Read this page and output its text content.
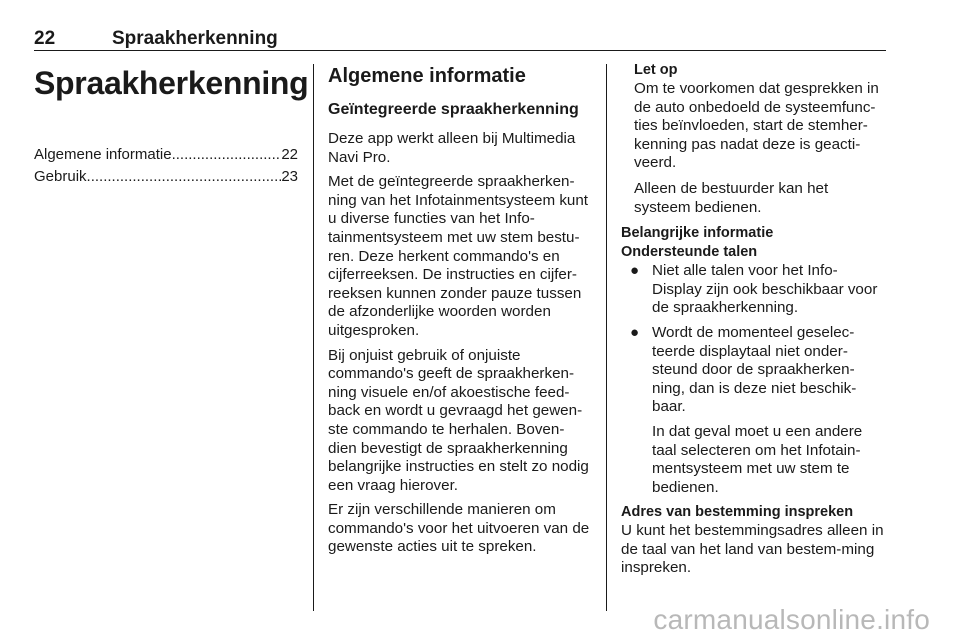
22	Spraakherkenning
Spraakherkenning
Algemene informatie .....	22
Gebruik .....	23
Algemene informatie
Geïntegreerde spraakherkenning

Deze app werkt alleen bij Multimedia Navi Pro.

Met de geïntegreerde spraakherken-ning van het Infotainmentsysteem kunt u diverse functies van het Info-tainmentsysteem met uw stem bestu-ren. Deze herkent commando's en cijferreeksen. De instructies en cijfer-reeksen kunnen zonder pauze tussen de afzonderlijke woorden worden uitgesproken.

Bij onjuist gebruik of onjuiste commando's geeft de spraakherken-ning visuele en/of akoestische feed-back en wordt u gevraagd het gewen-ste commando te herhalen. Boven-dien bevestigt de spraakherkenning belangrijke instructies en stelt zo nodig een vraag hierover.

Er zijn verschillende manieren om commando's voor het uitvoeren van de gewenste acties uit te spreken.

Let op

Om te voorkomen dat gesprekken in de auto onbedoeld de systeemfunc-ties beïnvloeden, start de stemher-kenning pas nadat deze is geacti-veerd.

Alleen de bestuurder kan het systeem bedienen.

Belangrijke informatie
Ondersteunde talen
● Niet alle talen voor het Info-Display zijn ook beschikbaar voor de spraakherkenning.

● Wordt de momenteel geselec-teerde displaytaal niet onder-steund door de spraakherken-ning, dan is deze niet beschik-baar.

In dat geval moet u een andere taal selecteren om het Infotain-mentsysteem met uw stem te bedienen.

Adres van bestemming inspreken

U kunt het bestemmingsadres alleen in de taal van het land van bestem-ming inspreken.

carmanualsonline.info
